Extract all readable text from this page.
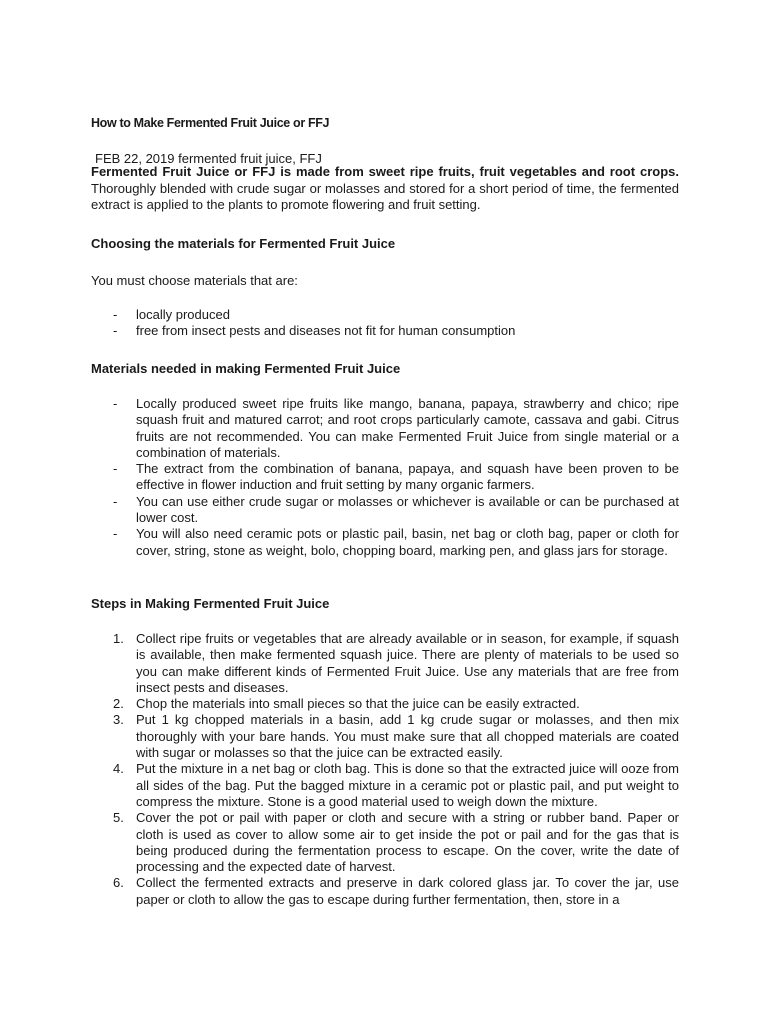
How to Make Fermented Fruit Juice or FFJ
FEB 22, 2019 fermented fruit juice, FFJ

Fermented Fruit Juice or FFJ is made from sweet ripe fruits, fruit vegetables and root crops. Thoroughly blended with crude sugar or molasses and stored for a short period of time, the fermented extract is applied to the plants to promote flowering and fruit setting.

Choosing the materials for Fermented Fruit Juice
You must choose materials that are:
- locally produced
- free from insect pests and diseases not fit for human consumption
Materials needed in making Fermented Fruit Juice
- Locally produced sweet ripe fruits like mango, banana, papaya, strawberry and chico; ripe squash fruit and matured carrot; and root crops particularly camote, cassava and gabi. Citrus fruits are not recommended. You can make Fermented Fruit Juice from single material or a combination of materials.
- The extract from the combination of banana, papaya, and squash have been proven to be effective in flower induction and fruit setting by many organic farmers.
- You can use either crude sugar or molasses or whichever is available or can be purchased at lower cost.
- You will also need ceramic pots or plastic pail, basin, net bag or cloth bag, paper or cloth for cover, string, stone as weight, bolo, chopping board, marking pen, and glass jars for storage.
Steps in Making Fermented Fruit Juice
1. Collect ripe fruits or vegetables that are already available or in season, for example, if squash is available, then make fermented squash juice. There are plenty of materials to be used so you can make different kinds of Fermented Fruit Juice. Use any materials that are free from insect pests and diseases.
2. Chop the materials into small pieces so that the juice can be easily extracted.
3. Put 1 kg chopped materials in a basin, add 1 kg crude sugar or molasses, and then mix thoroughly with your bare hands. You must make sure that all chopped materials are coated with sugar or molasses so that the juice can be extracted easily.
4. Put the mixture in a net bag or cloth bag. This is done so that the extracted juice will ooze from all sides of the bag. Put the bagged mixture in a ceramic pot or plastic pail, and put weight to compress the mixture. Stone is a good material used to weigh down the mixture.
5. Cover the pot or pail with paper or cloth and secure with a string or rubber band. Paper or cloth is used as cover to allow some air to get inside the pot or pail and for the gas that is being produced during the fermentation process to escape. On the cover, write the date of processing and the expected date of harvest.
6. Collect the fermented extracts and preserve in dark colored glass jar. To cover the jar, use paper or cloth to allow the gas to escape during further fermentation, then, store in a
